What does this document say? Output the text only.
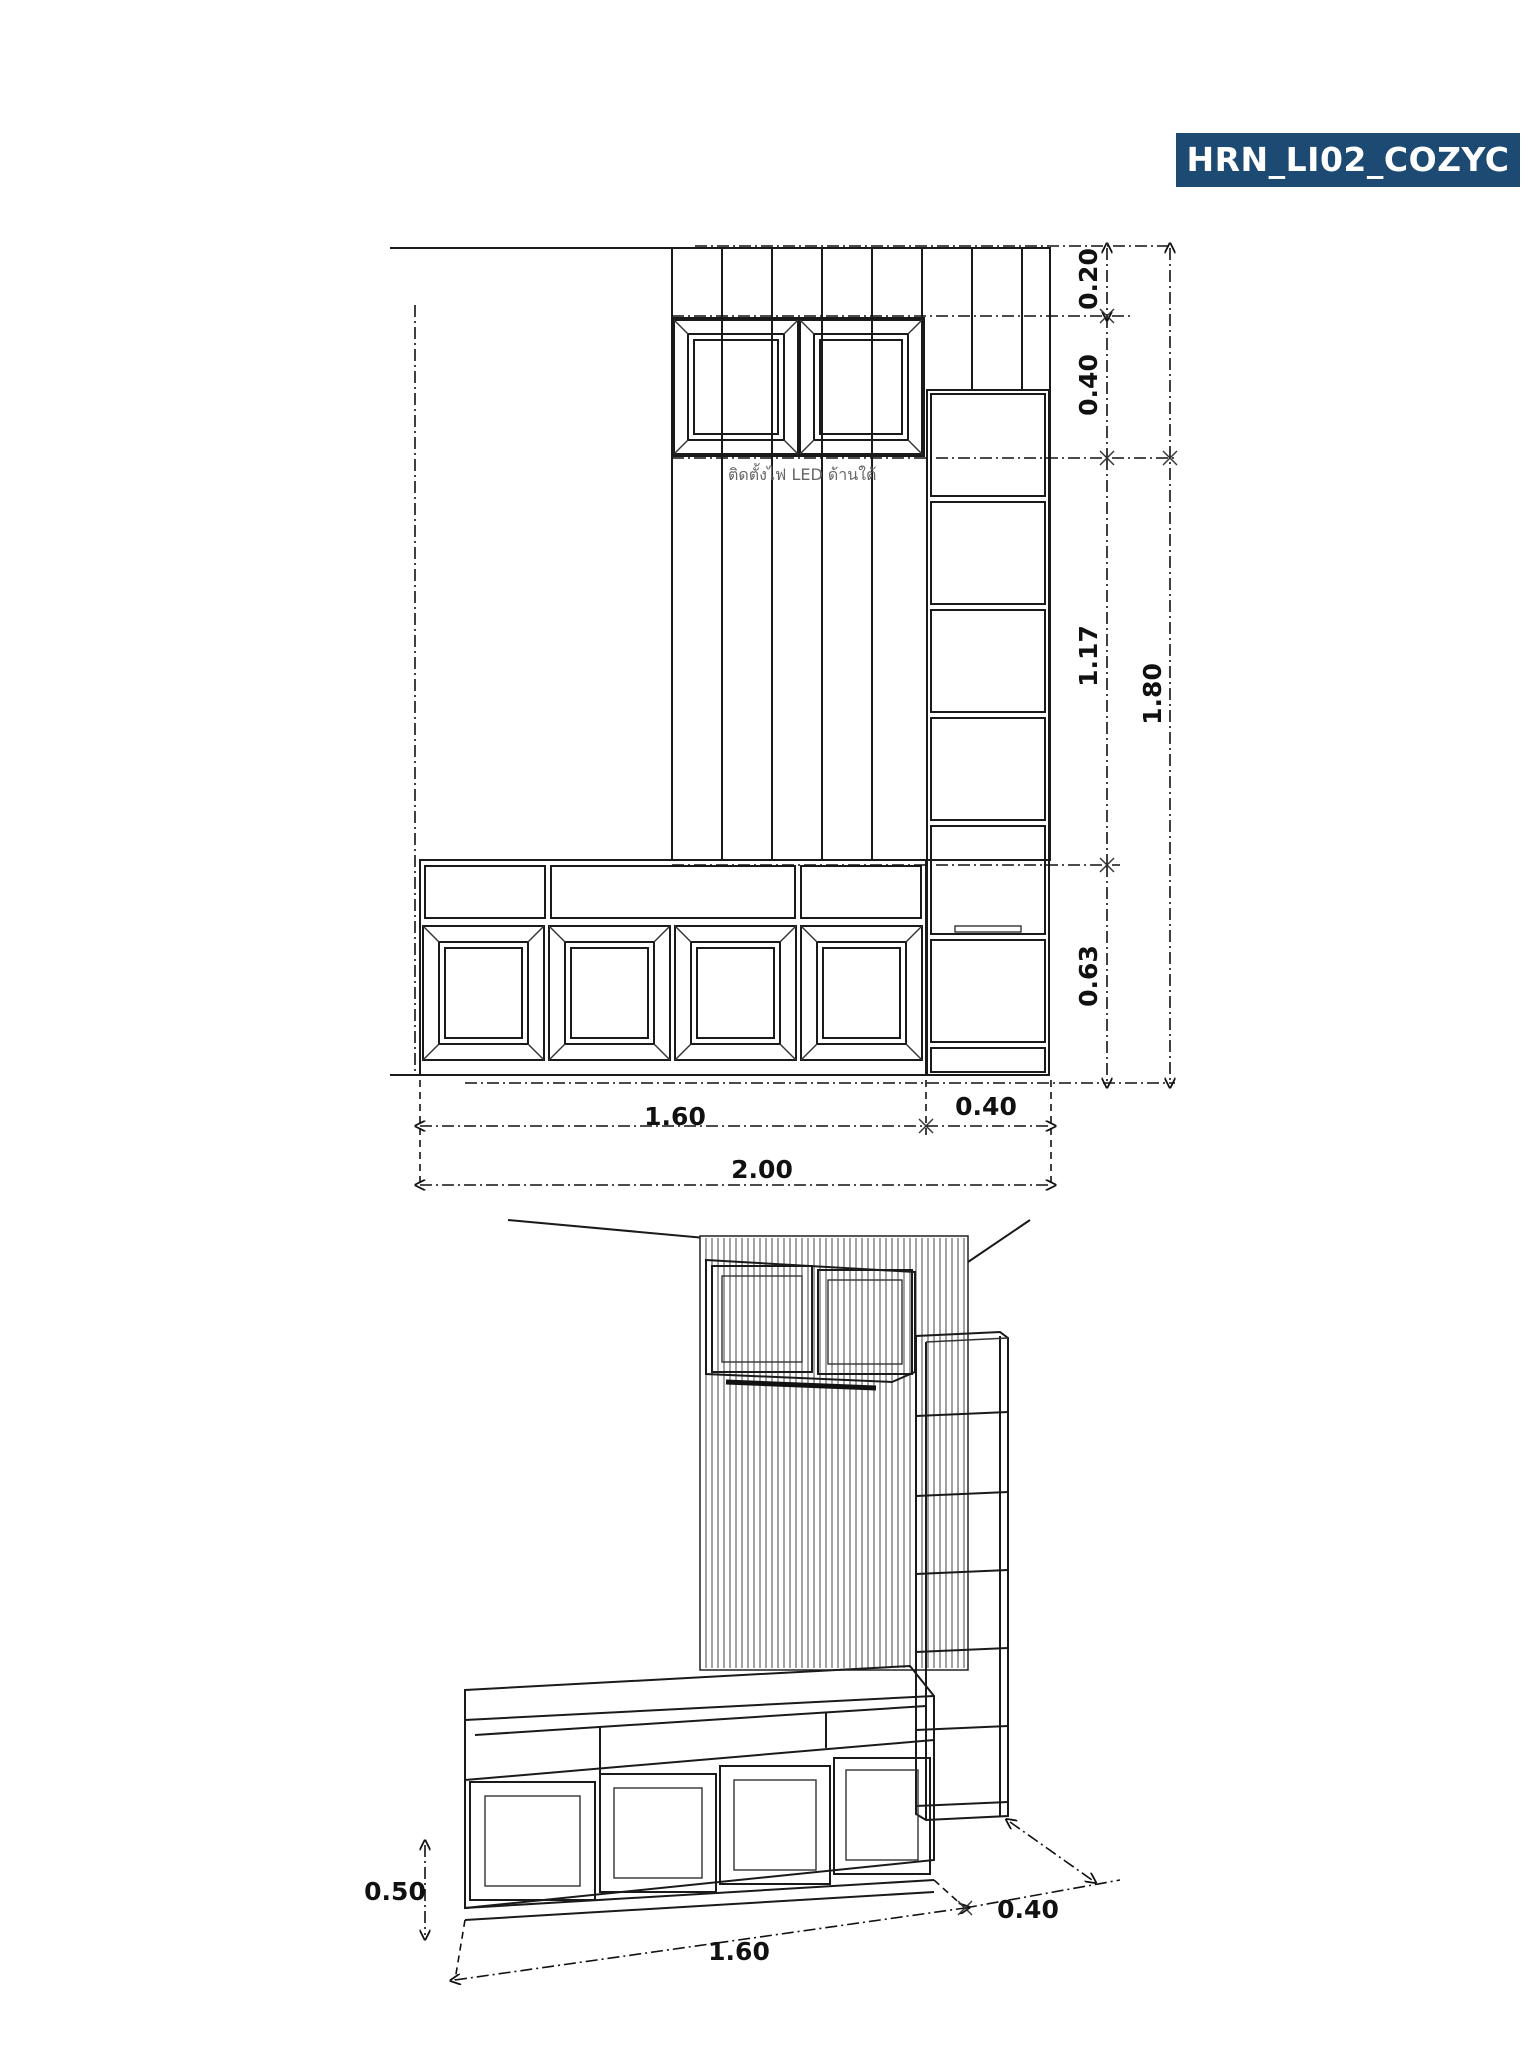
HRN_LI02_COZYC
ติดตั้งไฟ LED ด้านใต้
0.20
0.40
1.17
1.80
0.63
1.60	0.40
2.00
0.50
1.60
0.40
